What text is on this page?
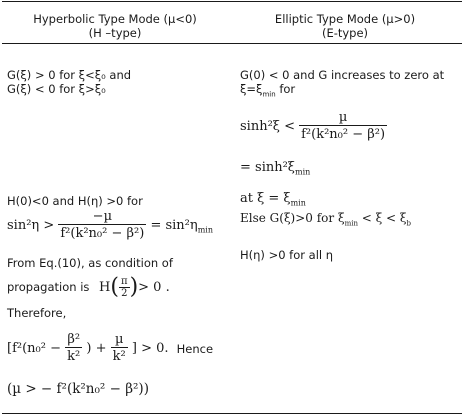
Hyperbolic Type Mode (µ<0)
(H –type)
Elliptic Type Mode (µ>0)
(E-type)
G(ξ) > 0 for ξ<ξ₀ and
G(ξ) < 0 for ξ>ξ₀
H(0)<0 and H(η) >0 for
$\sin^2\eta > \frac{\text{−µ}}{\text{f²(k²n₀² − β²)}} = \sin^2\eta_{min}$
From Eq.(10), as condition of
propagation is $H( \frac{\pi}{2}$ )> 0 .
Therefore,
[$f^2(n_0^2 - \frac{\text{β²}}{\text{k²}}$ ) + $\frac{\text{µ}}{\text{k²}}$ ] > 0. Hence
(µ > − f²(k²n₀² − β²))
G(0) < 0 and G increases to zero at
$\xi=\xi_{min}$ for
$\sinh^2\xi < \frac{\text{µ}}{\text{f²(k²n₀² − β²)}}$
= $\sinh^2\xi_{min}$
at $\xi = \xi_{min}$
Else G(ξ)>0 for $\xi_{min} < \xi < \xi_b$
H(η) >0 for all η
